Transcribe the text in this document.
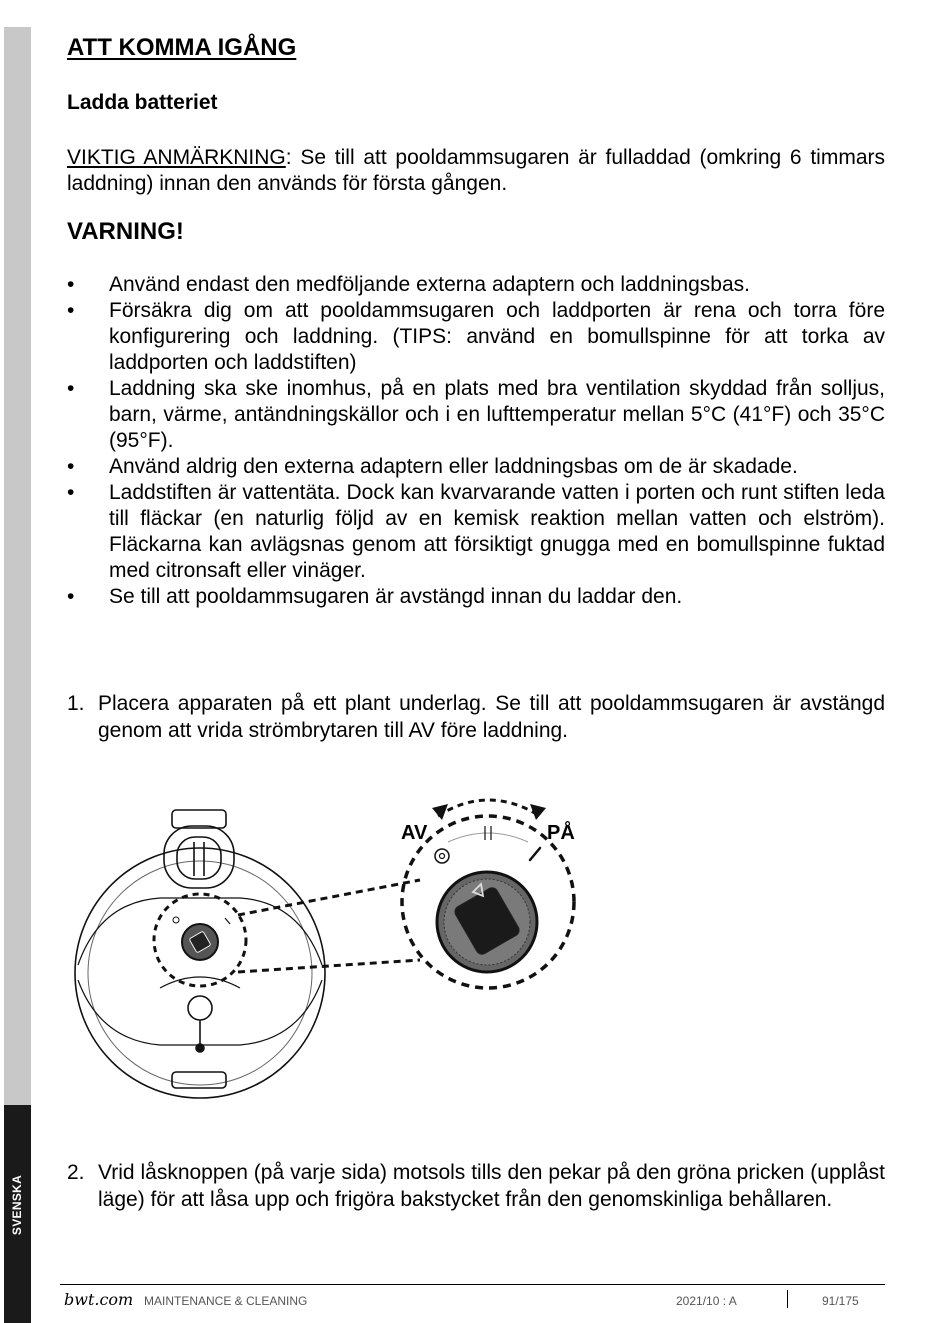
SVENSKA
ATT KOMMA IGÅNG
Ladda batteriet

VIKTIG ANMÄRKNING: Se till att pooldammsugaren är fulladdad (omkring 6 timmars laddning) innan den används för första gången.

VARNING!
• Använd endast den medföljande externa adaptern och laddningsbas.
• Försäkra dig om att pooldammsugaren och laddporten är rena och torra före konfigurering och laddning. (TIPS: använd en bomullspinne för att torka av laddporten och laddstiften)
• Laddning ska ske inomhus, på en plats med bra ventilation skyddad från solljus, barn, värme, antändningskällor och i en lufttemperatur mellan 5°C (41°F) och 35°C (95°F).
• Använd aldrig den externa adaptern eller laddningsbas om de är skadade.
• Laddstiften är vattentäta. Dock kan kvarvarande vatten i porten och runt stiften leda till fläckar (en naturlig följd av en kemisk reaktion mellan vatten och elström). Fläckarna kan avlägsnas genom att försiktigt gnugga med en bomullspinne fuktad med citronsaft eller vinäger.
• Se till att pooldammsugaren är avstängd innan du laddar den.
1. Placera apparaten på ett plant underlag. Se till att pooldammsugaren är avstängd genom att vrida strömbrytaren till AV före laddning.
AV	PÅ
2. Vrid låsknoppen (på varje sida) motsols tills den pekar på den gröna pricken (upplåst läge) för att låsa upp och frigöra bakstycket från den genomskinliga behållaren.
bwt.com MAINTENANCE & CLEANING	2021/10 : A	91/175
